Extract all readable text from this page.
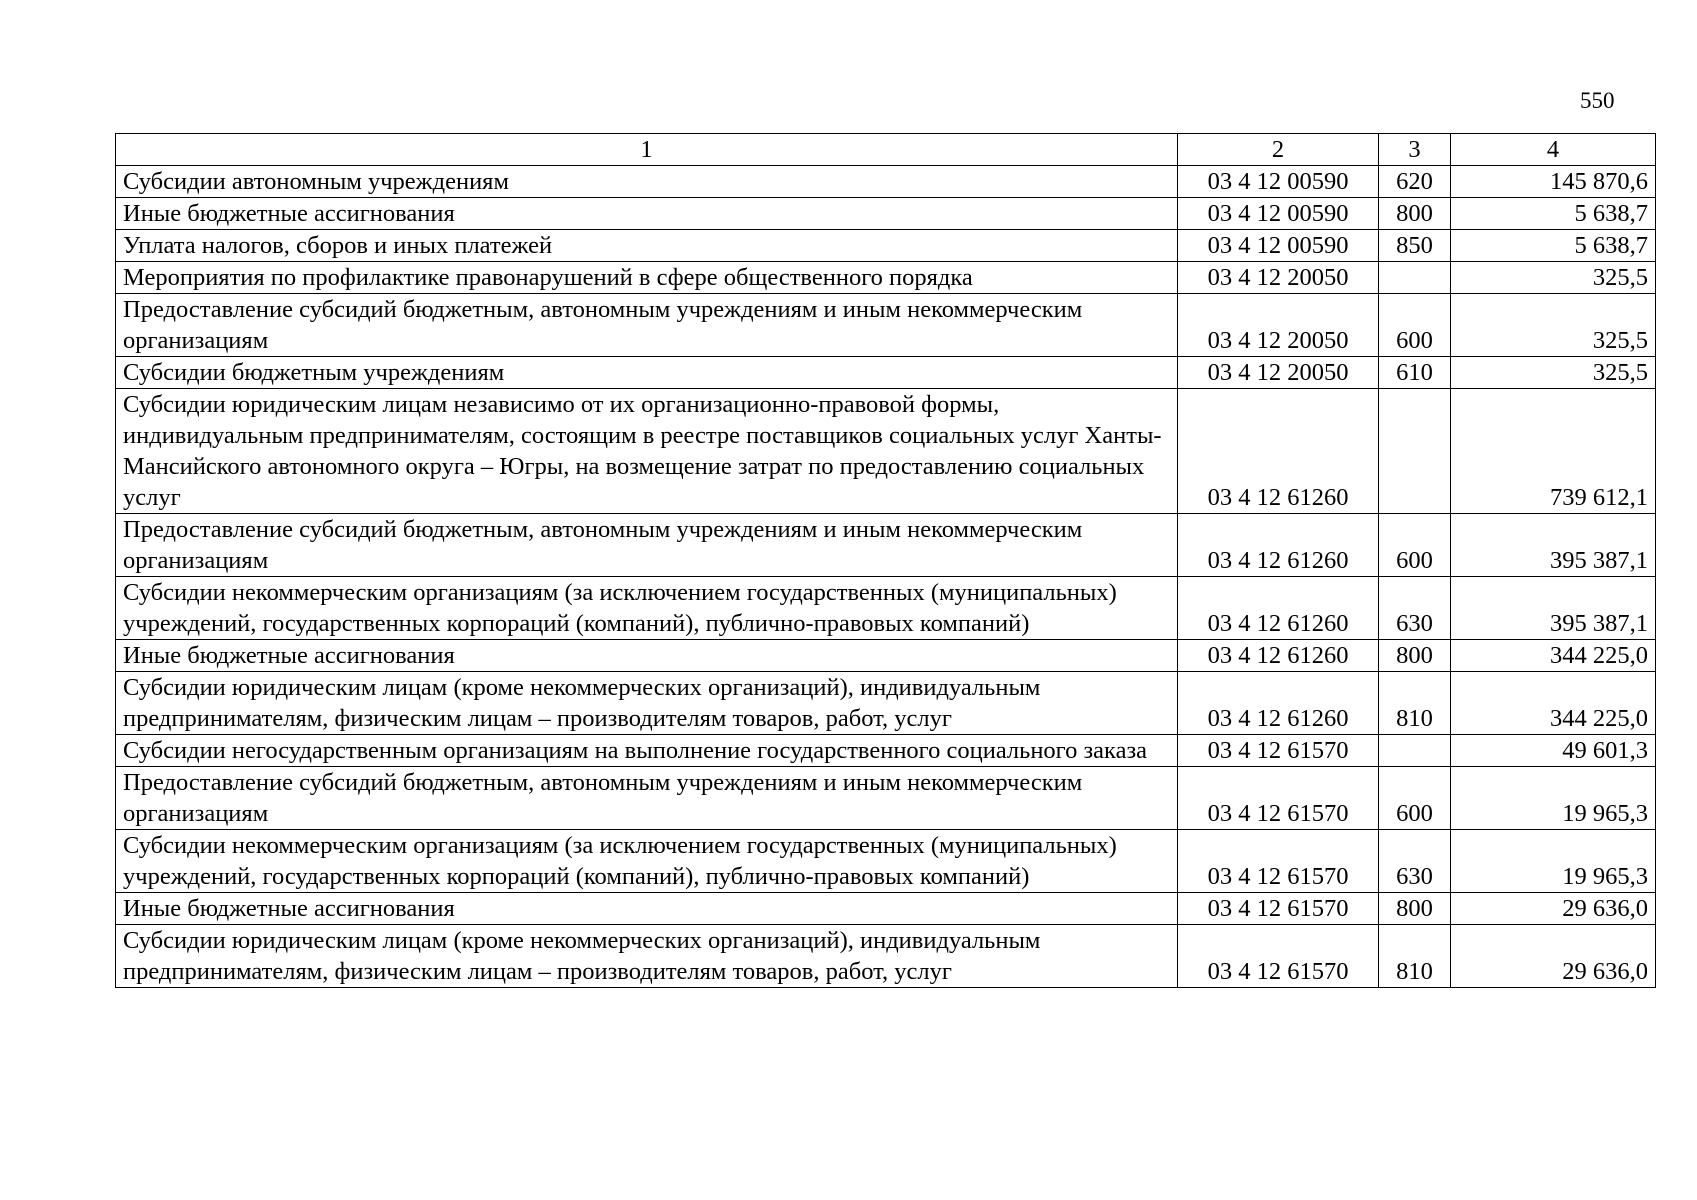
550
1	2	3	4
Субсидии автономным учреждениям	03 4 12 00590	620	145 870,6
Иные бюджетные ассигнования	03 4 12 00590	800	5 638,7
Уплата налогов, сборов и иных платежей	03 4 12 00590	850	5 638,7
Мероприятия по профилактике правонарушений в сфере общественного порядка	03 4 12 20050		325,5
Предоставление субсидий бюджетным, автономным учреждениям и иным некоммерческим организациям	03 4 12 20050	600	325,5
Субсидии бюджетным учреждениям	03 4 12 20050	610	325,5
Субсидии юридическим лицам независимо от их организационно-правовой формы, индивидуальным предпринимателям, состоящим в реестре поставщиков социальных услуг Ханты-Мансийского автономного округа – Югры, на возмещение затрат по предоставлению социальных услуг	03 4 12 61260		739 612,1
Предоставление субсидий бюджетным, автономным учреждениям и иным некоммерческим организациям	03 4 12 61260	600	395 387,1
Субсидии некоммерческим организациям (за исключением государственных (муниципальных) учреждений, государственных корпораций (компаний), публично-правовых компаний)	03 4 12 61260	630	395 387,1
Иные бюджетные ассигнования	03 4 12 61260	800	344 225,0
Субсидии юридическим лицам (кроме некоммерческих организаций), индивидуальным предпринимателям, физическим лицам – производителям товаров, работ, услуг	03 4 12 61260	810	344 225,0
Субсидии негосударственным организациям на выполнение государственного социального заказа	03 4 12 61570		49 601,3
Предоставление субсидий бюджетным, автономным учреждениям и иным некоммерческим организациям	03 4 12 61570	600	19 965,3
Субсидии некоммерческим организациям (за исключением государственных (муниципальных) учреждений, государственных корпораций (компаний), публично-правовых компаний)	03 4 12 61570	630	19 965,3
Иные бюджетные ассигнования	03 4 12 61570	800	29 636,0
Субсидии юридическим лицам (кроме некоммерческих организаций), индивидуальным предпринимателям, физическим лицам – производителям товаров, работ, услуг	03 4 12 61570	810	29 636,0
